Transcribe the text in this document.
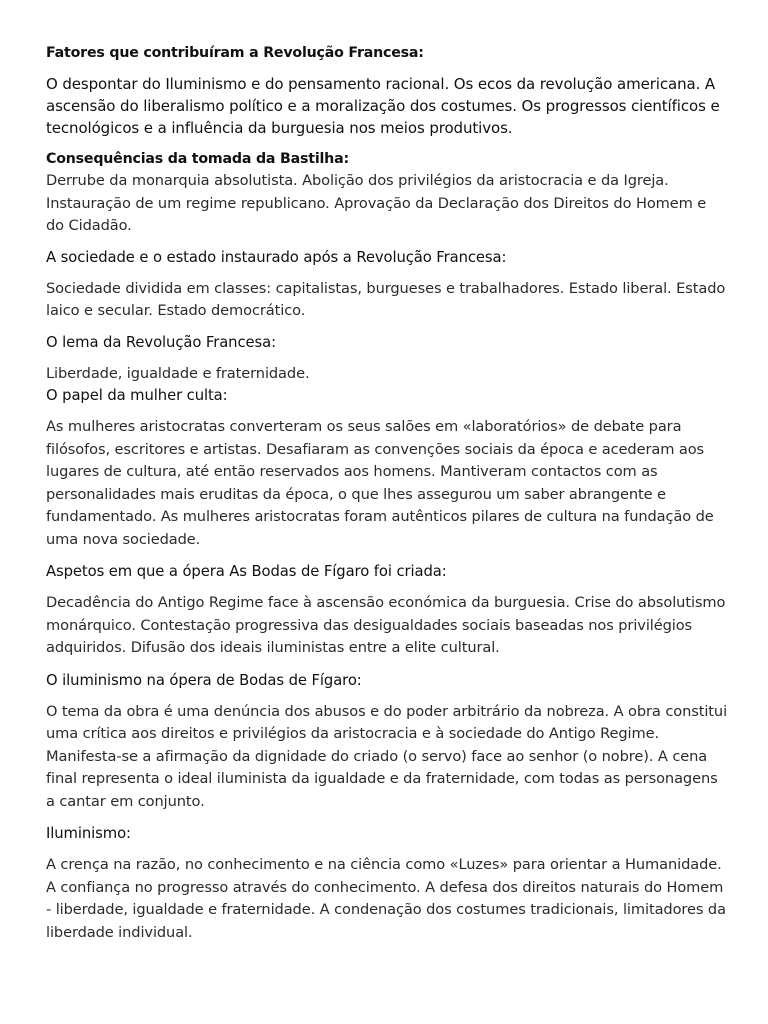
Fatores que contribuíram a Revolução Francesa:

O despontar do Iluminismo e do pensamento racional. Os ecos da revolução americana. A ascensão do liberalismo político e a moralização dos costumes. Os progressos científicos e tecnológicos e a influência da burguesia nos meios produtivos.

Consequências da tomada da Bastilha:

Derrube da monarquia absolutista. Abolição dos privilégios da aristocracia e da Igreja. Instauração de um regime republicano. Aprovação da Declaração dos Direitos do Homem e do Cidadão.

A sociedade e o estado instaurado após a Revolução Francesa:

Sociedade dividida em classes: capitalistas, burgueses e trabalhadores. Estado liberal. Estado laico e secular. Estado democrático.

O lema da Revolução Francesa:

Liberdade, igualdade e fraternidade.

O papel da mulher culta:

As mulheres aristocratas converteram os seus salões em «laboratórios» de debate para filósofos, escritores e artistas. Desafiaram as convenções sociais da época e acederam aos lugares de cultura, até então reservados aos homens. Mantiveram contactos com as personalidades mais eruditas da época, o que lhes assegurou um saber abrangente e fundamentado. As mulheres aristocratas foram autênticos pilares de cultura na fundação de uma nova sociedade.

Aspetos em que a ópera As Bodas de Fígaro foi criada:

Decadência do Antigo Regime face à ascensão económica da burguesia. Crise do absolutismo monárquico. Contestação progressiva das desigualdades sociais baseadas nos privilégios adquiridos. Difusão dos ideais iluministas entre a elite cultural.

O iluminismo na ópera de Bodas de Fígaro:

O tema da obra é uma denúncia dos abusos e do poder arbitrário da nobreza. A obra constitui uma crítica aos direitos e privilégios da aristocracia e à sociedade do Antigo Regime. Manifesta-se a afirmação da dignidade do criado (o servo) face ao senhor (o nobre). A cena final representa o ideal iluminista da igualdade e da fraternidade, com todas as personagens a cantar em conjunto.

Iluminismo:

A crença na razão, no conhecimento e na ciência como «Luzes» para orientar a Humanidade. A confiança no progresso através do conhecimento. A defesa dos direitos naturais do Homem - liberdade, igualdade e fraternidade. A condenação dos costumes tradicionais, limitadores da liberdade individual.
